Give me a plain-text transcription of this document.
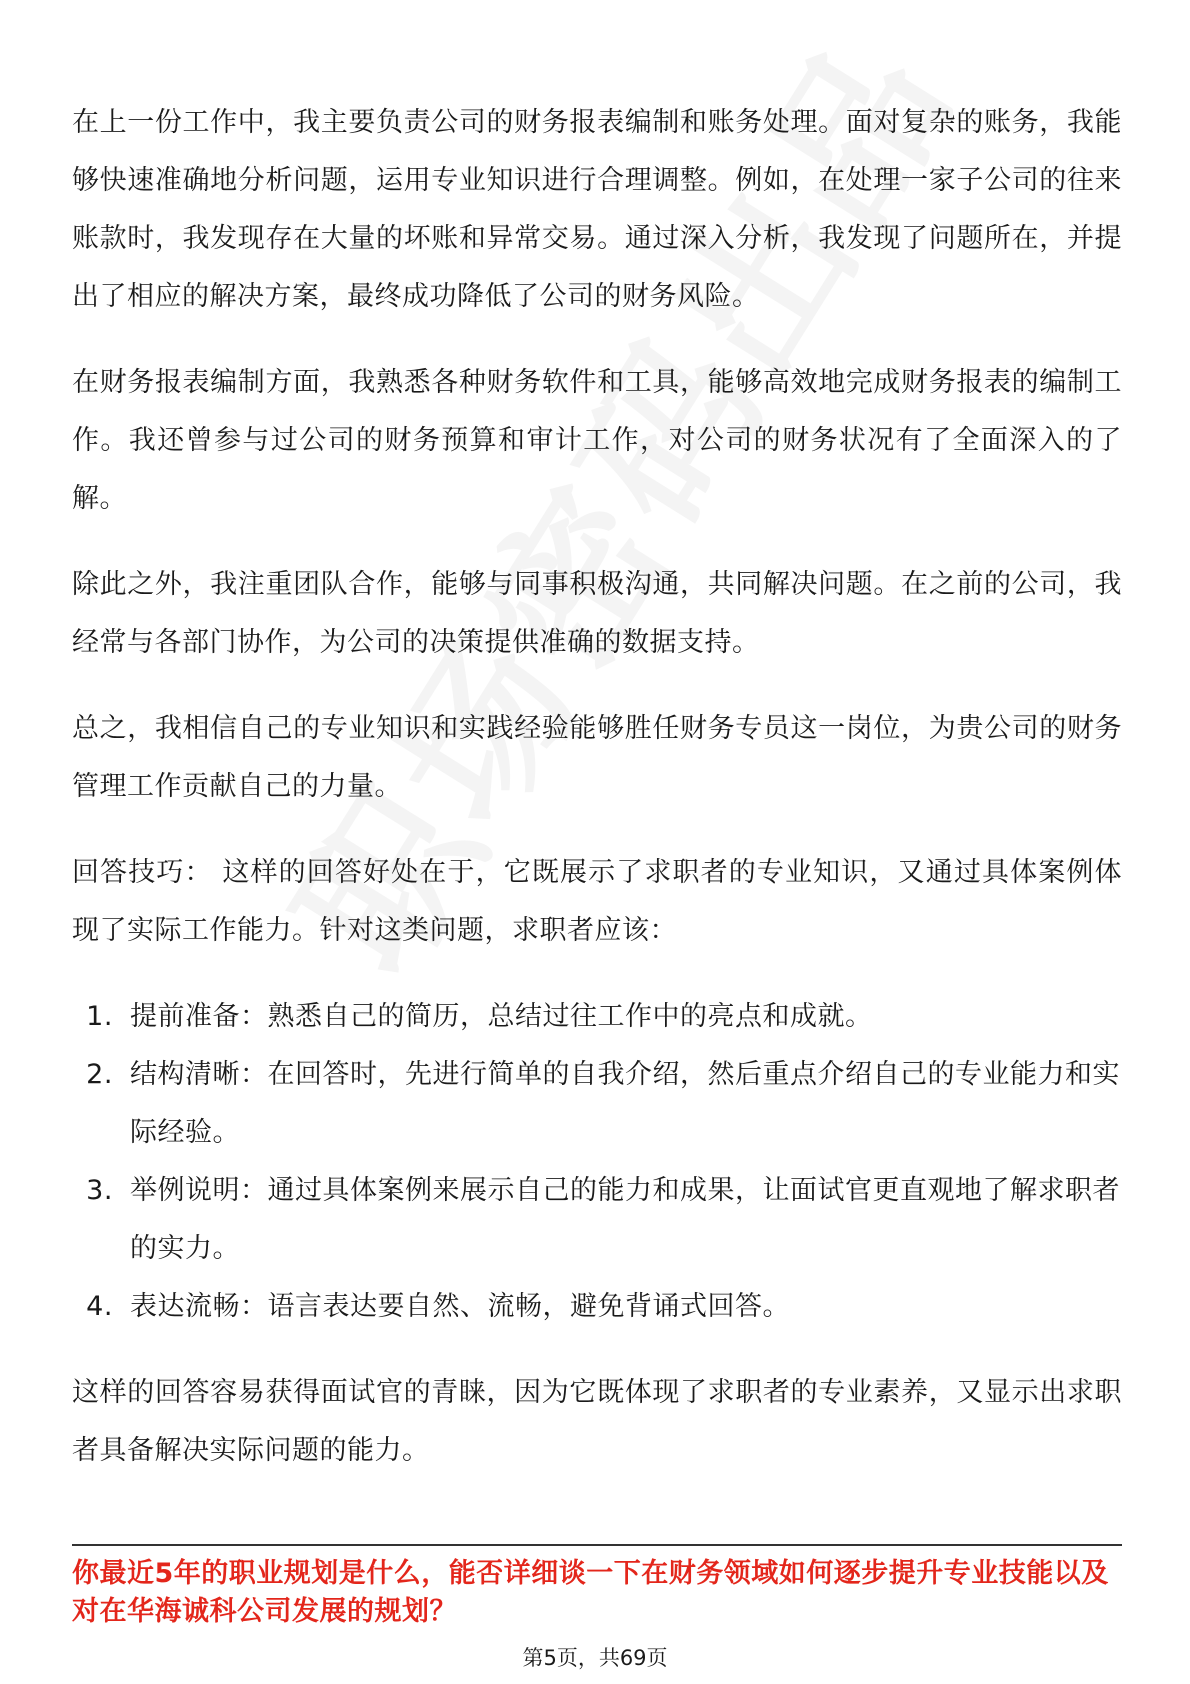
在上一份工作中，我主要负责公司的财务报表编制和账务处理。面对复杂的账务，我能够快速准确地分析问题，运用专业知识进行合理调整。例如，在处理一家子公司的往来账款时，我发现存在大量的坏账和异常交易。通过深入分析，我发现了问题所在，并提出了相应的解决方案，最终成功降低了公司的财务风险。

在财务报表编制方面，我熟悉各种财务软件和工具，能够高效地完成财务报表的编制工作。我还曾参与过公司的财务预算和审计工作，对公司的财务状况有了全面深入的了解。

除此之外，我注重团队合作，能够与同事积极沟通，共同解决问题。在之前的公司，我经常与各部门协作，为公司的决策提供准确的数据支持。

总之，我相信自己的专业知识和实践经验能够胜任财务专员这一岗位，为贵公司的财务管理工作贡献自己的力量。

回答技巧： 这样的回答好处在于，它既展示了求职者的专业知识，又通过具体案例体现了实际工作能力。针对这类问题，求职者应该：

1. 提前准备：熟悉自己的简历，总结过往工作中的亮点和成就。
2. 结构清晰：在回答时，先进行简单的自我介绍，然后重点介绍自己的专业能力和实际经验。
3. 举例说明：通过具体案例来展示自己的能力和成果，让面试官更直观地了解求职者的实力。
4. 表达流畅：语言表达要自然、流畅，避免背诵式回答。

这样的回答容易获得面试官的青睐，因为它既体现了求职者的专业素养，又显示出求职者具备解决实际问题的能力。

你最近5年的职业规划是什么，能否详细谈一下在财务领域如何逐步提升专业技能以及对在华海诚科公司发展的规划？
第5页，共69页
